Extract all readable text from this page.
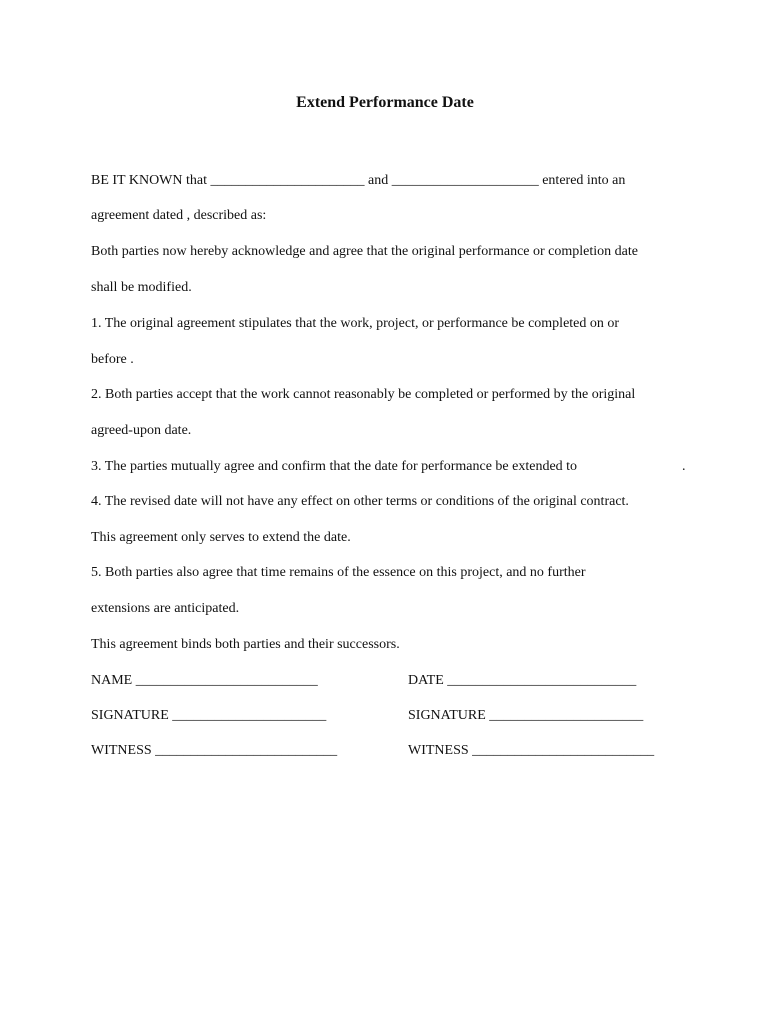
Extend Performance Date
BE IT KNOWN that ______________________ and _____________________ entered into an
agreement dated , described as:
Both parties now hereby acknowledge and agree that the original performance or completion date
shall be modified.
1. The original agreement stipulates that the work, project, or performance be completed on or
before .
2. Both parties accept that the work cannot reasonably be completed or performed by the original
agreed-upon date.
3. The parties mutually agree and confirm that the date for performance be extended to	.
4. The revised date will not have any effect on other terms or conditions of the original contract.
This agreement only serves to extend the date.
5. Both parties also agree that time remains of the essence on this project, and no further
extensions are anticipated.
This agreement binds both parties and their successors.
NAME __________________________	DATE ___________________________
SIGNATURE ______________________	SIGNATURE ______________________
WITNESS __________________________	WITNESS __________________________
